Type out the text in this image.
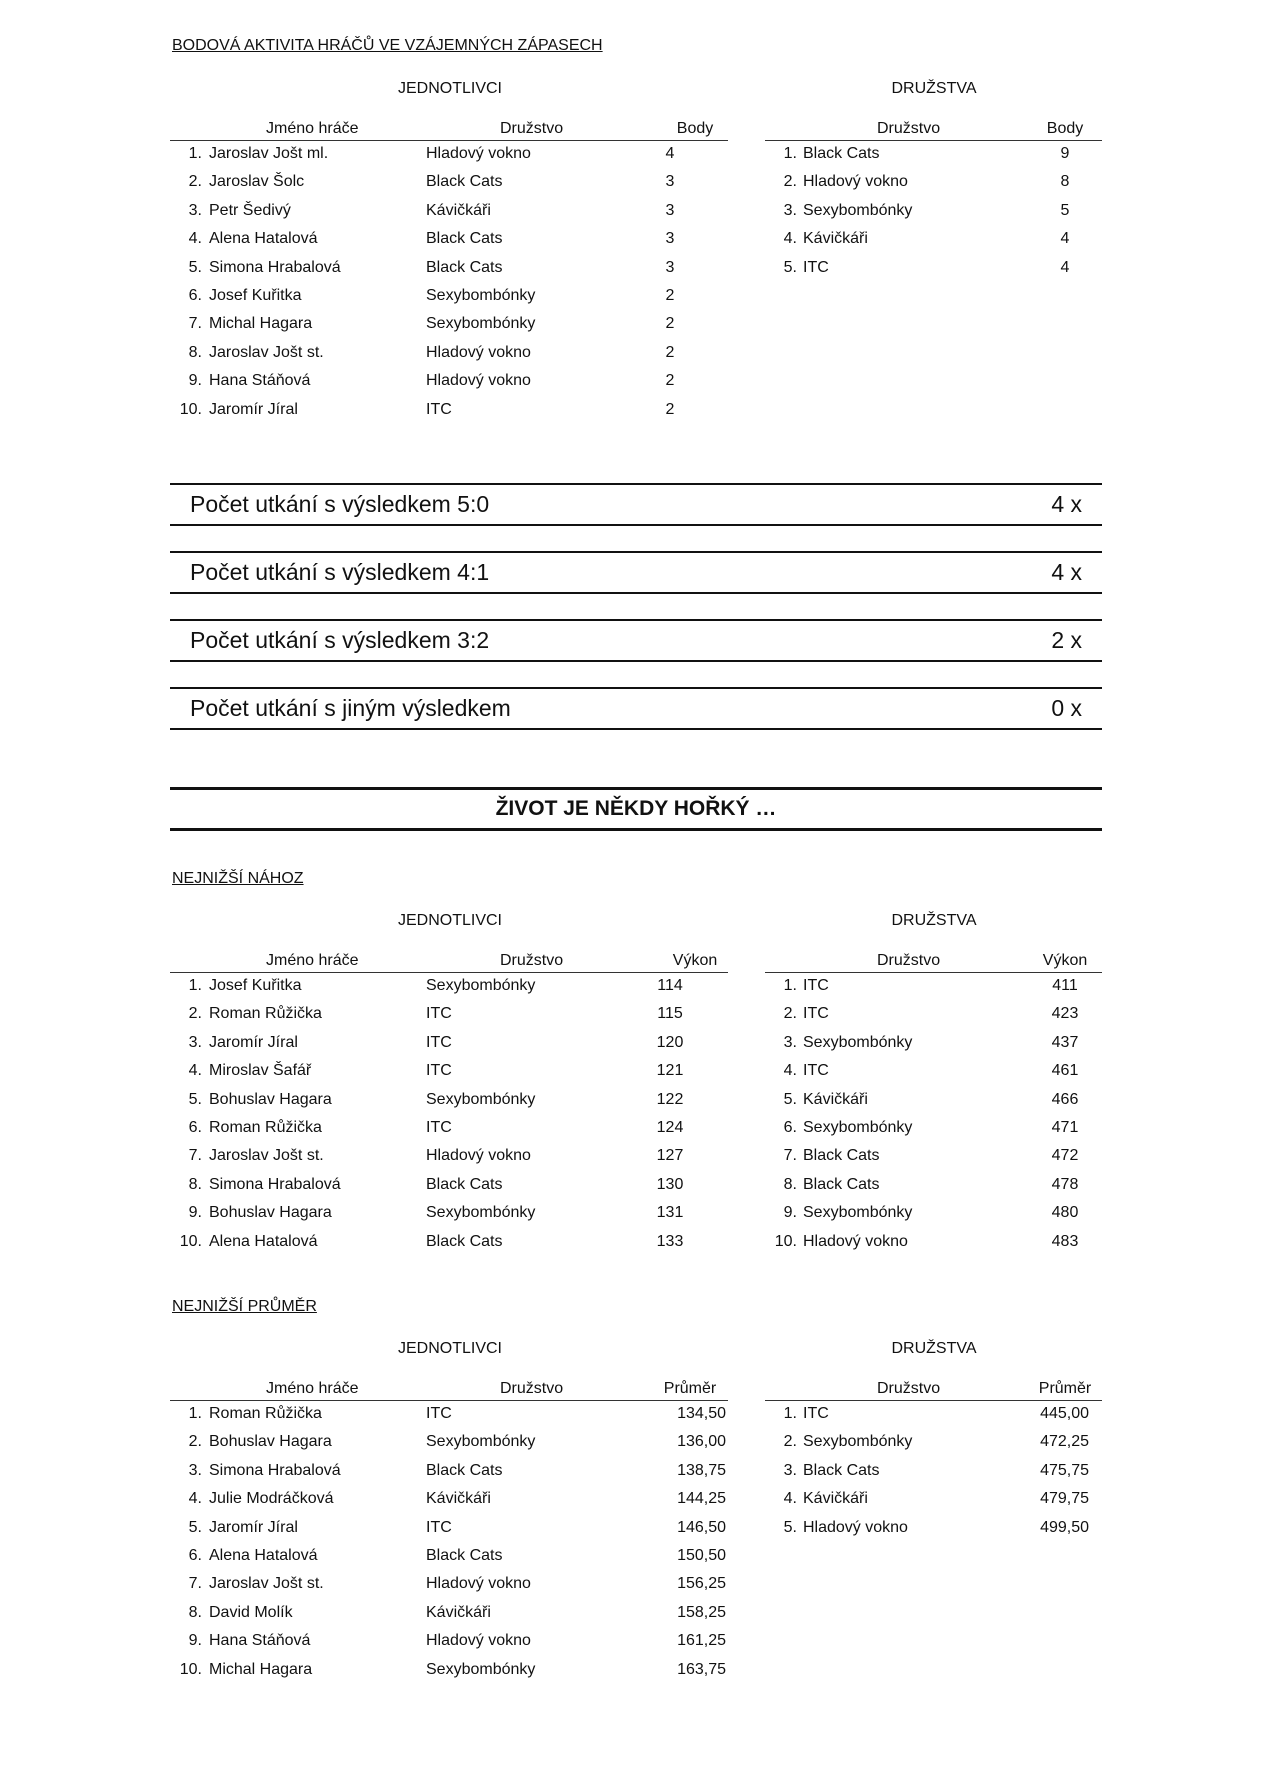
BODOVÁ AKTIVITA HRÁČŮ VE VZÁJEMNÝCH ZÁPASECH
JEDNOTLIVCI	DRUŽSTVA
Jméno hráče	Družstvo	Body
1. Jaroslav Jošt ml.	Hladový vokno	4
2. Jaroslav Šolc	Black Cats	3
3. Petr Šedivý	Kávičkáři	3
4. Alena Hatalová	Black Cats	3
5. Simona Hrabalová	Black Cats	3
6. Josef Kuřitka	Sexybombónky	2
7. Michal Hagara	Sexybombónky	2
8. Jaroslav Jošt st.	Hladový vokno	2
9. Hana Stáňová	Hladový vokno	2
10. Jaromír Jíral	ITC	2
Družstvo	Body
1. Black Cats	9
2. Hladový vokno	8
3. Sexybombónky	5
4. Kávičkáři	4
5. ITC	4
Počet utkání s výsledkem 5:0	4 x
Počet utkání s výsledkem 4:1	4 x
Počet utkání s výsledkem 3:2	2 x
Počet utkání s jiným výsledkem	0 x
ŽIVOT JE NĚKDY HOŘKÝ …
NEJNIŽŠÍ NÁHOZ
JEDNOTLIVCI	DRUŽSTVA
Jméno hráče	Družstvo	Výkon
1. Josef Kuřitka	Sexybombónky	114
2. Roman Růžička	ITC	115
3. Jaromír Jíral	ITC	120
4. Miroslav Šafář	ITC	121
5. Bohuslav Hagara	Sexybombónky	122
6. Roman Růžička	ITC	124
7. Jaroslav Jošt st.	Hladový vokno	127
8. Simona Hrabalová	Black Cats	130
9. Bohuslav Hagara	Sexybombónky	131
10. Alena Hatalová	Black Cats	133
Družstvo	Výkon
1. ITC	411
2. ITC	423
3. Sexybombónky	437
4. ITC	461
5. Kávičkáři	466
6. Sexybombónky	471
7. Black Cats	472
8. Black Cats	478
9. Sexybombónky	480
10. Hladový vokno	483
NEJNIŽŠÍ PRŮMĚR
JEDNOTLIVCI	DRUŽSTVA
Jméno hráče	Družstvo	Průměr
1. Roman Růžička	ITC	134,50
2. Bohuslav Hagara	Sexybombónky	136,00
3. Simona Hrabalová	Black Cats	138,75
4. Julie Modráčková	Kávičkáři	144,25
5. Jaromír Jíral	ITC	146,50
6. Alena Hatalová	Black Cats	150,50
7. Jaroslav Jošt st.	Hladový vokno	156,25
8. David Molík	Kávičkáři	158,25
9. Hana Stáňová	Hladový vokno	161,25
10. Michal Hagara	Sexybombónky	163,75
Družstvo	Průměr
1. ITC	445,00
2. Sexybombónky	472,25
3. Black Cats	475,75
4. Kávičkáři	479,75
5. Hladový vokno	499,50
